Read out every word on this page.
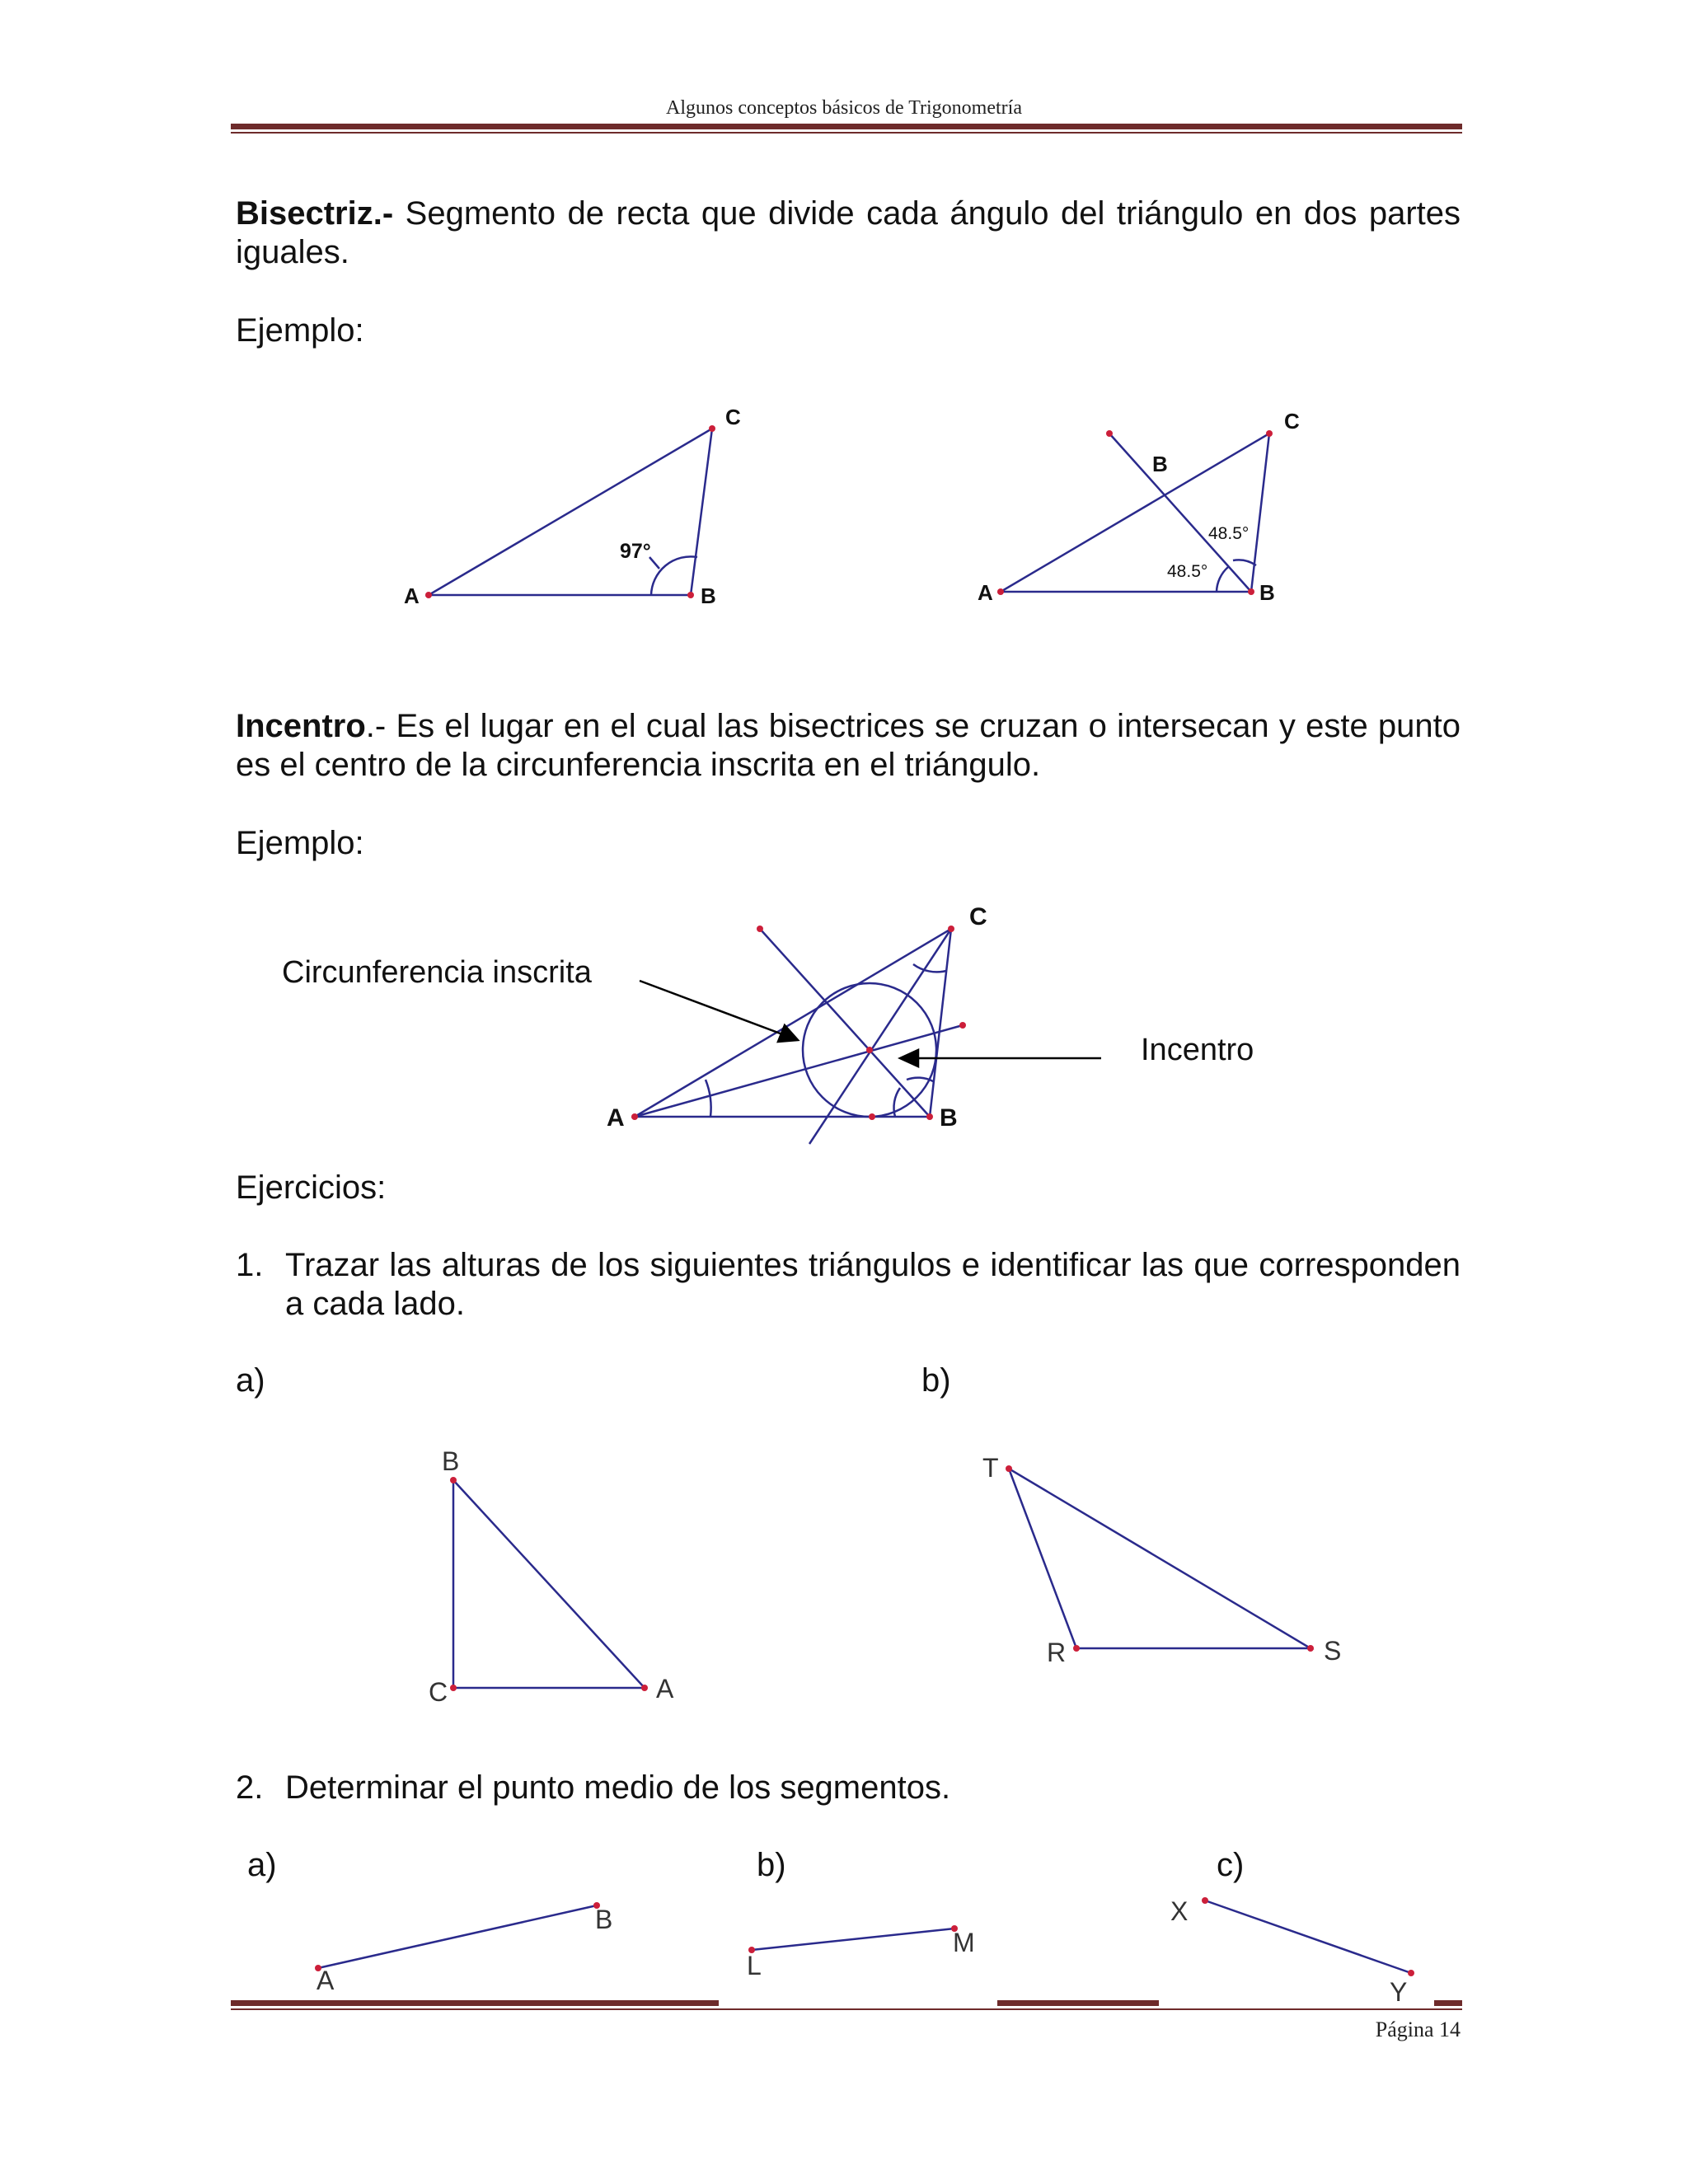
Algunos conceptos básicos de Trigonometría
Bisectriz.- Segmento de recta que divide cada ángulo del triángulo en dos partes iguales.
Ejemplo:
A	B
C
97°
A	B
C
B
48.5°
48.5°
Incentro.- Es el lugar en el cual las bisectrices se cruzan o intersecan y este punto es el centro de la circunferencia inscrita en el triángulo.
Ejemplo:
A	B
C
Circunferencia inscrita
Incentro
Ejercicios:
1. Trazar las alturas de los siguientes triángulos e identificar las que corresponden a cada lado.
a)	b)
B
C	A
T
R	S
2. Determinar el punto medio de los segmentos.
a)	b)	c)
A
B
L
M
X
Y
Página 14
